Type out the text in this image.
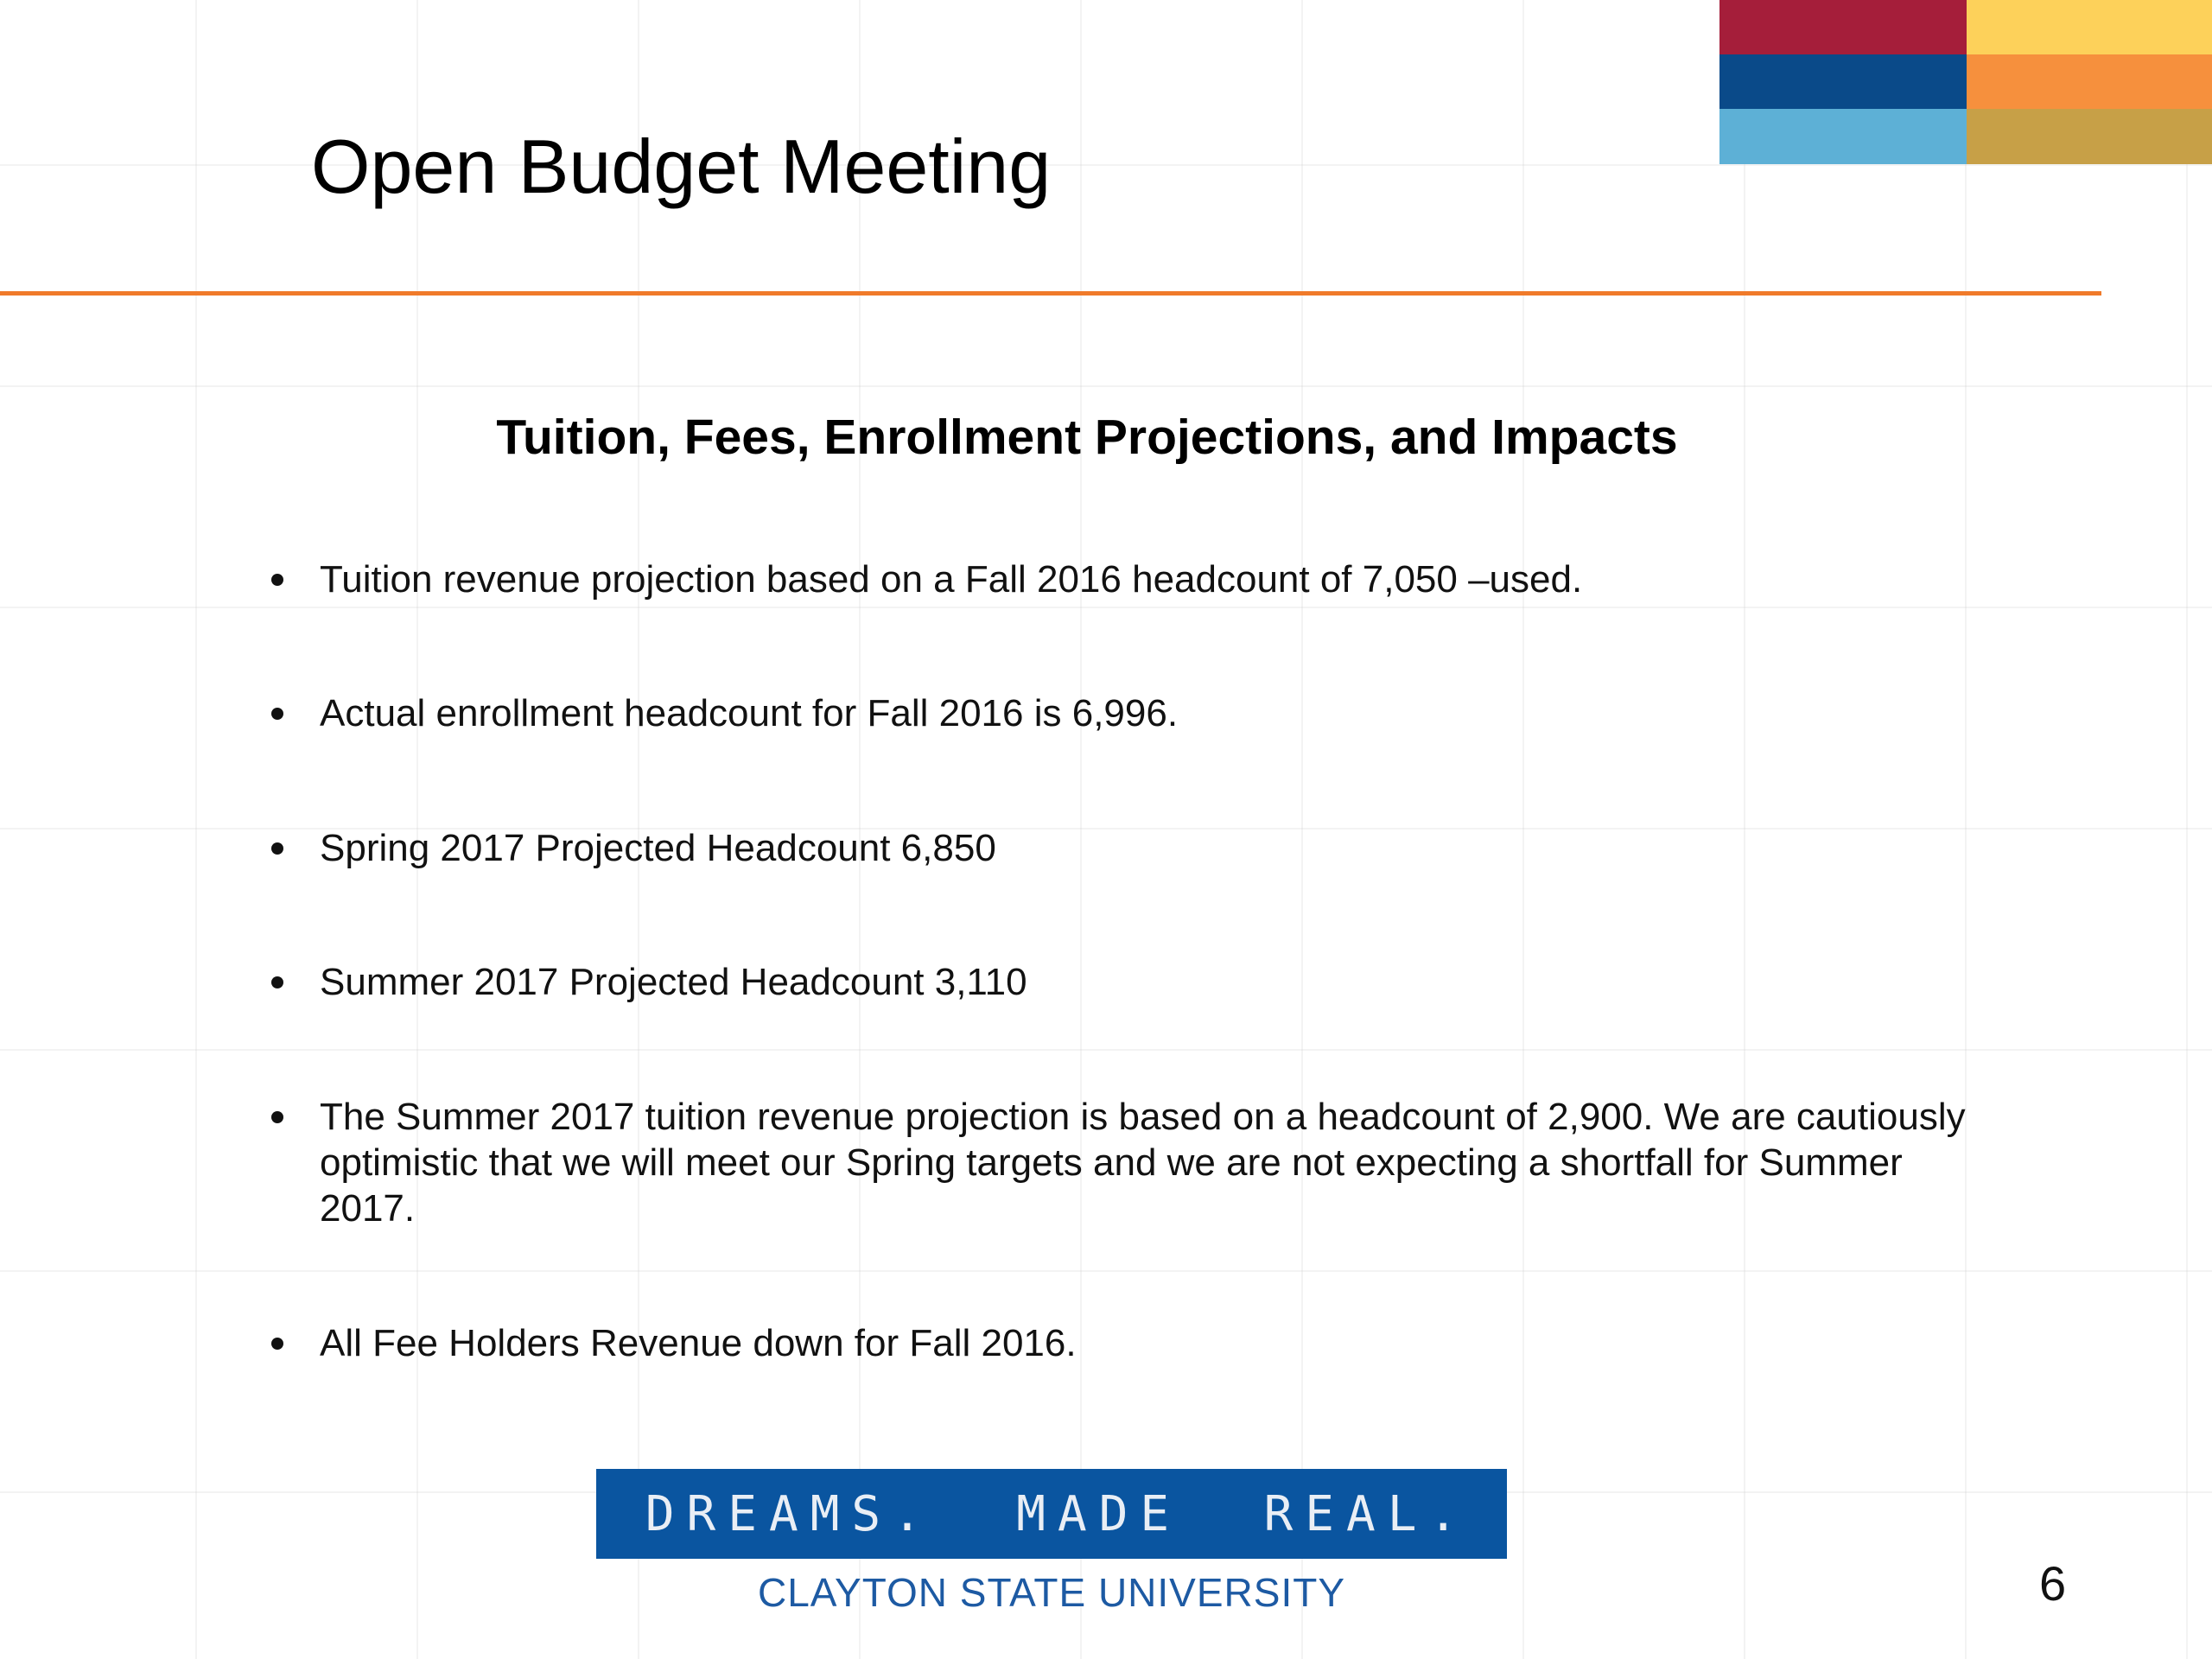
Open Budget Meeting
Tuition, Fees, Enrollment Projections, and Impacts
Tuition revenue projection based on a Fall 2016 headcount of 7,050 –used.
Actual enrollment headcount for Fall 2016 is 6,996.
Spring 2017 Projected Headcount 6,850
Summer 2017 Projected Headcount 3,110
The Summer 2017 tuition revenue projection is based on a headcount of 2,900. We are cautiously optimistic that we will meet our Spring targets and we are not expecting a shortfall for Summer 2017.
All Fee Holders Revenue down for Fall 2016.
DREAMS.  MADE  REAL.
CLAYTON STATE UNIVERSITY	6
